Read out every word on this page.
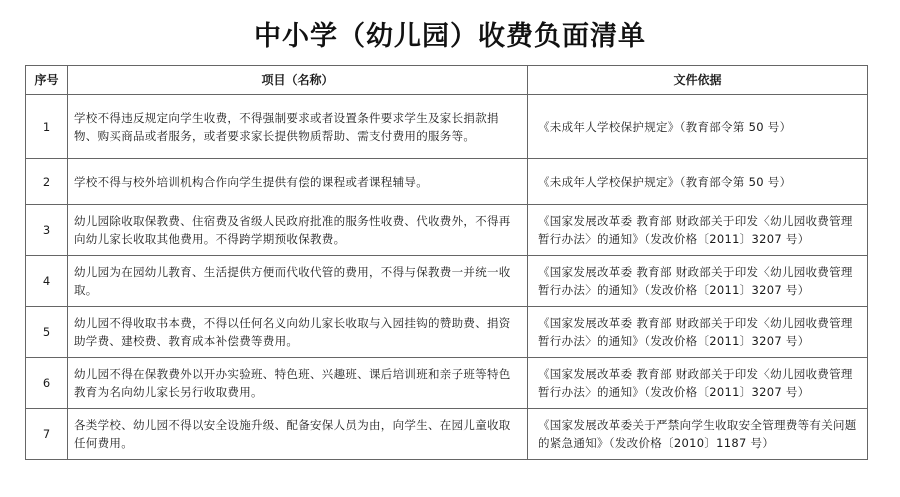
中小学（幼儿园）收费负面清单
序号	项目（名称）	文件依据
1	学校不得违反规定向学生收费，不得强制要求或者设置条件要求学生及家长捐款捐物、购买商品或者服务，或者要求家长提供物质帮助、需支付费用的服务等。	《未成年人学校保护规定》（教育部令第 50 号）
2	学校不得与校外培训机构合作向学生提供有偿的课程或者课程辅导。	《未成年人学校保护规定》（教育部令第 50 号）
3	幼儿园除收取保教费、住宿费及省级人民政府批准的服务性收费、代收费外，不得再向幼儿家长收取其他费用。不得跨学期预收保教费。	《国家发展改革委 教育部 财政部关于印发〈幼儿园收费管理暂行办法〉的通知》（发改价格〔2011〕3207 号）
4	幼儿园为在园幼儿教育、生活提供方便而代收代管的费用，不得与保教费一并统一收取。	《国家发展改革委 教育部 财政部关于印发〈幼儿园收费管理暂行办法〉的通知》（发改价格〔2011〕3207 号）
5	幼儿园不得收取书本费，不得以任何名义向幼儿家长收取与入园挂钩的赞助费、捐资助学费、建校费、教育成本补偿费等费用。	《国家发展改革委 教育部 财政部关于印发〈幼儿园收费管理暂行办法〉的通知》（发改价格〔2011〕3207 号）
6	幼儿园不得在保教费外以开办实验班、特色班、兴趣班、课后培训班和亲子班等特色教育为名向幼儿家长另行收取费用。	《国家发展改革委 教育部 财政部关于印发〈幼儿园收费管理暂行办法〉的通知》（发改价格〔2011〕3207 号）
7	各类学校、幼儿园不得以安全设施升级、配备安保人员为由，向学生、在园儿童收取任何费用。	《国家发展改革委关于严禁向学生收取安全管理费等有关问题的紧急通知》（发改价格〔2010〕1187 号）
